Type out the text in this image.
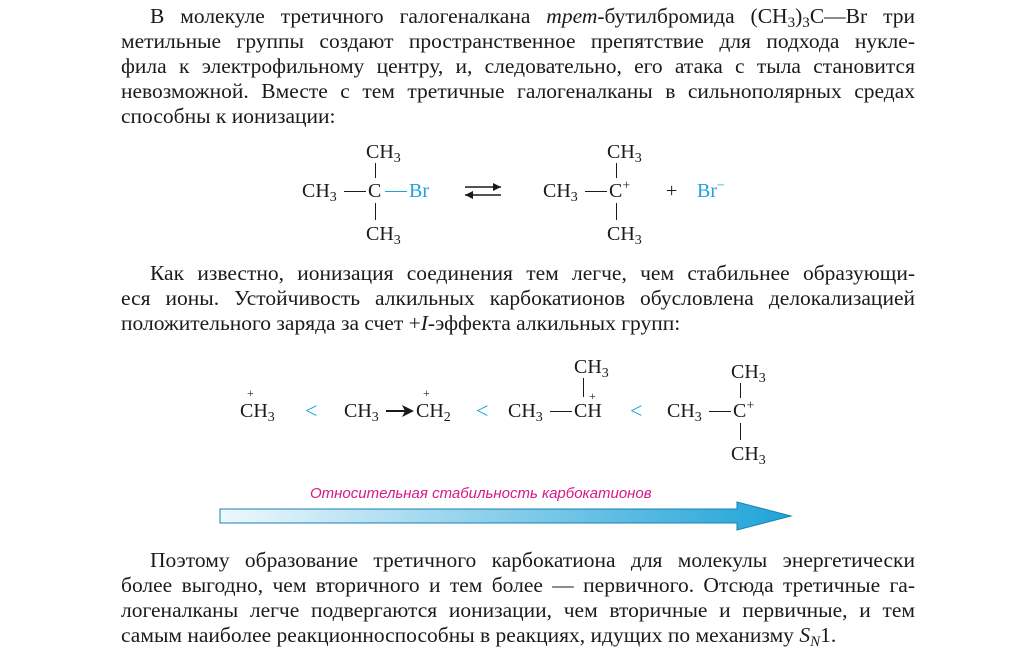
В молекуле третичного галогеналкана трет-бутилбромида $(CH_3)_3C—Br$ три
метильные группы создают пространственное препятствие для подхода нукле-
фила к электрофильному центру, и, следовательно, его атака с тыла становится
невозможной. Вместе с тем третичные галогеналканы в сильнополярных средах
способны к ионизации:
$CH_3$
$CH_3$ C Br
$CH_3$
$CH_3$
$CH_3$ C+
$CH_3$
+ Br−
Как известно, ионизация соединения тем легче, чем стабильнее образующи-
еся ионы. Устойчивость алкильных карбокатионов обусловлена делокализацией
положительного заряда за счет +I-эффекта алкильных групп:
+
$CH_3 < CH_3$
+
$CH_2 < CH_3$
$CH_3$
+
CH < $CH_3$
$CH_3$
C+
$CH_3$
Относительная стабильность карбокатионов
Поэтому образование третичного карбокатиона для молекулы энергетически
более выгодно, чем вторичного и тем более — первичного. Отсюда третичные га-
логеналканы легче подвергаются ионизации, чем вторичные и первичные, и тем
самым наиболее реакционноспособны в реакциях, идущих по механизму $S_N1$.
